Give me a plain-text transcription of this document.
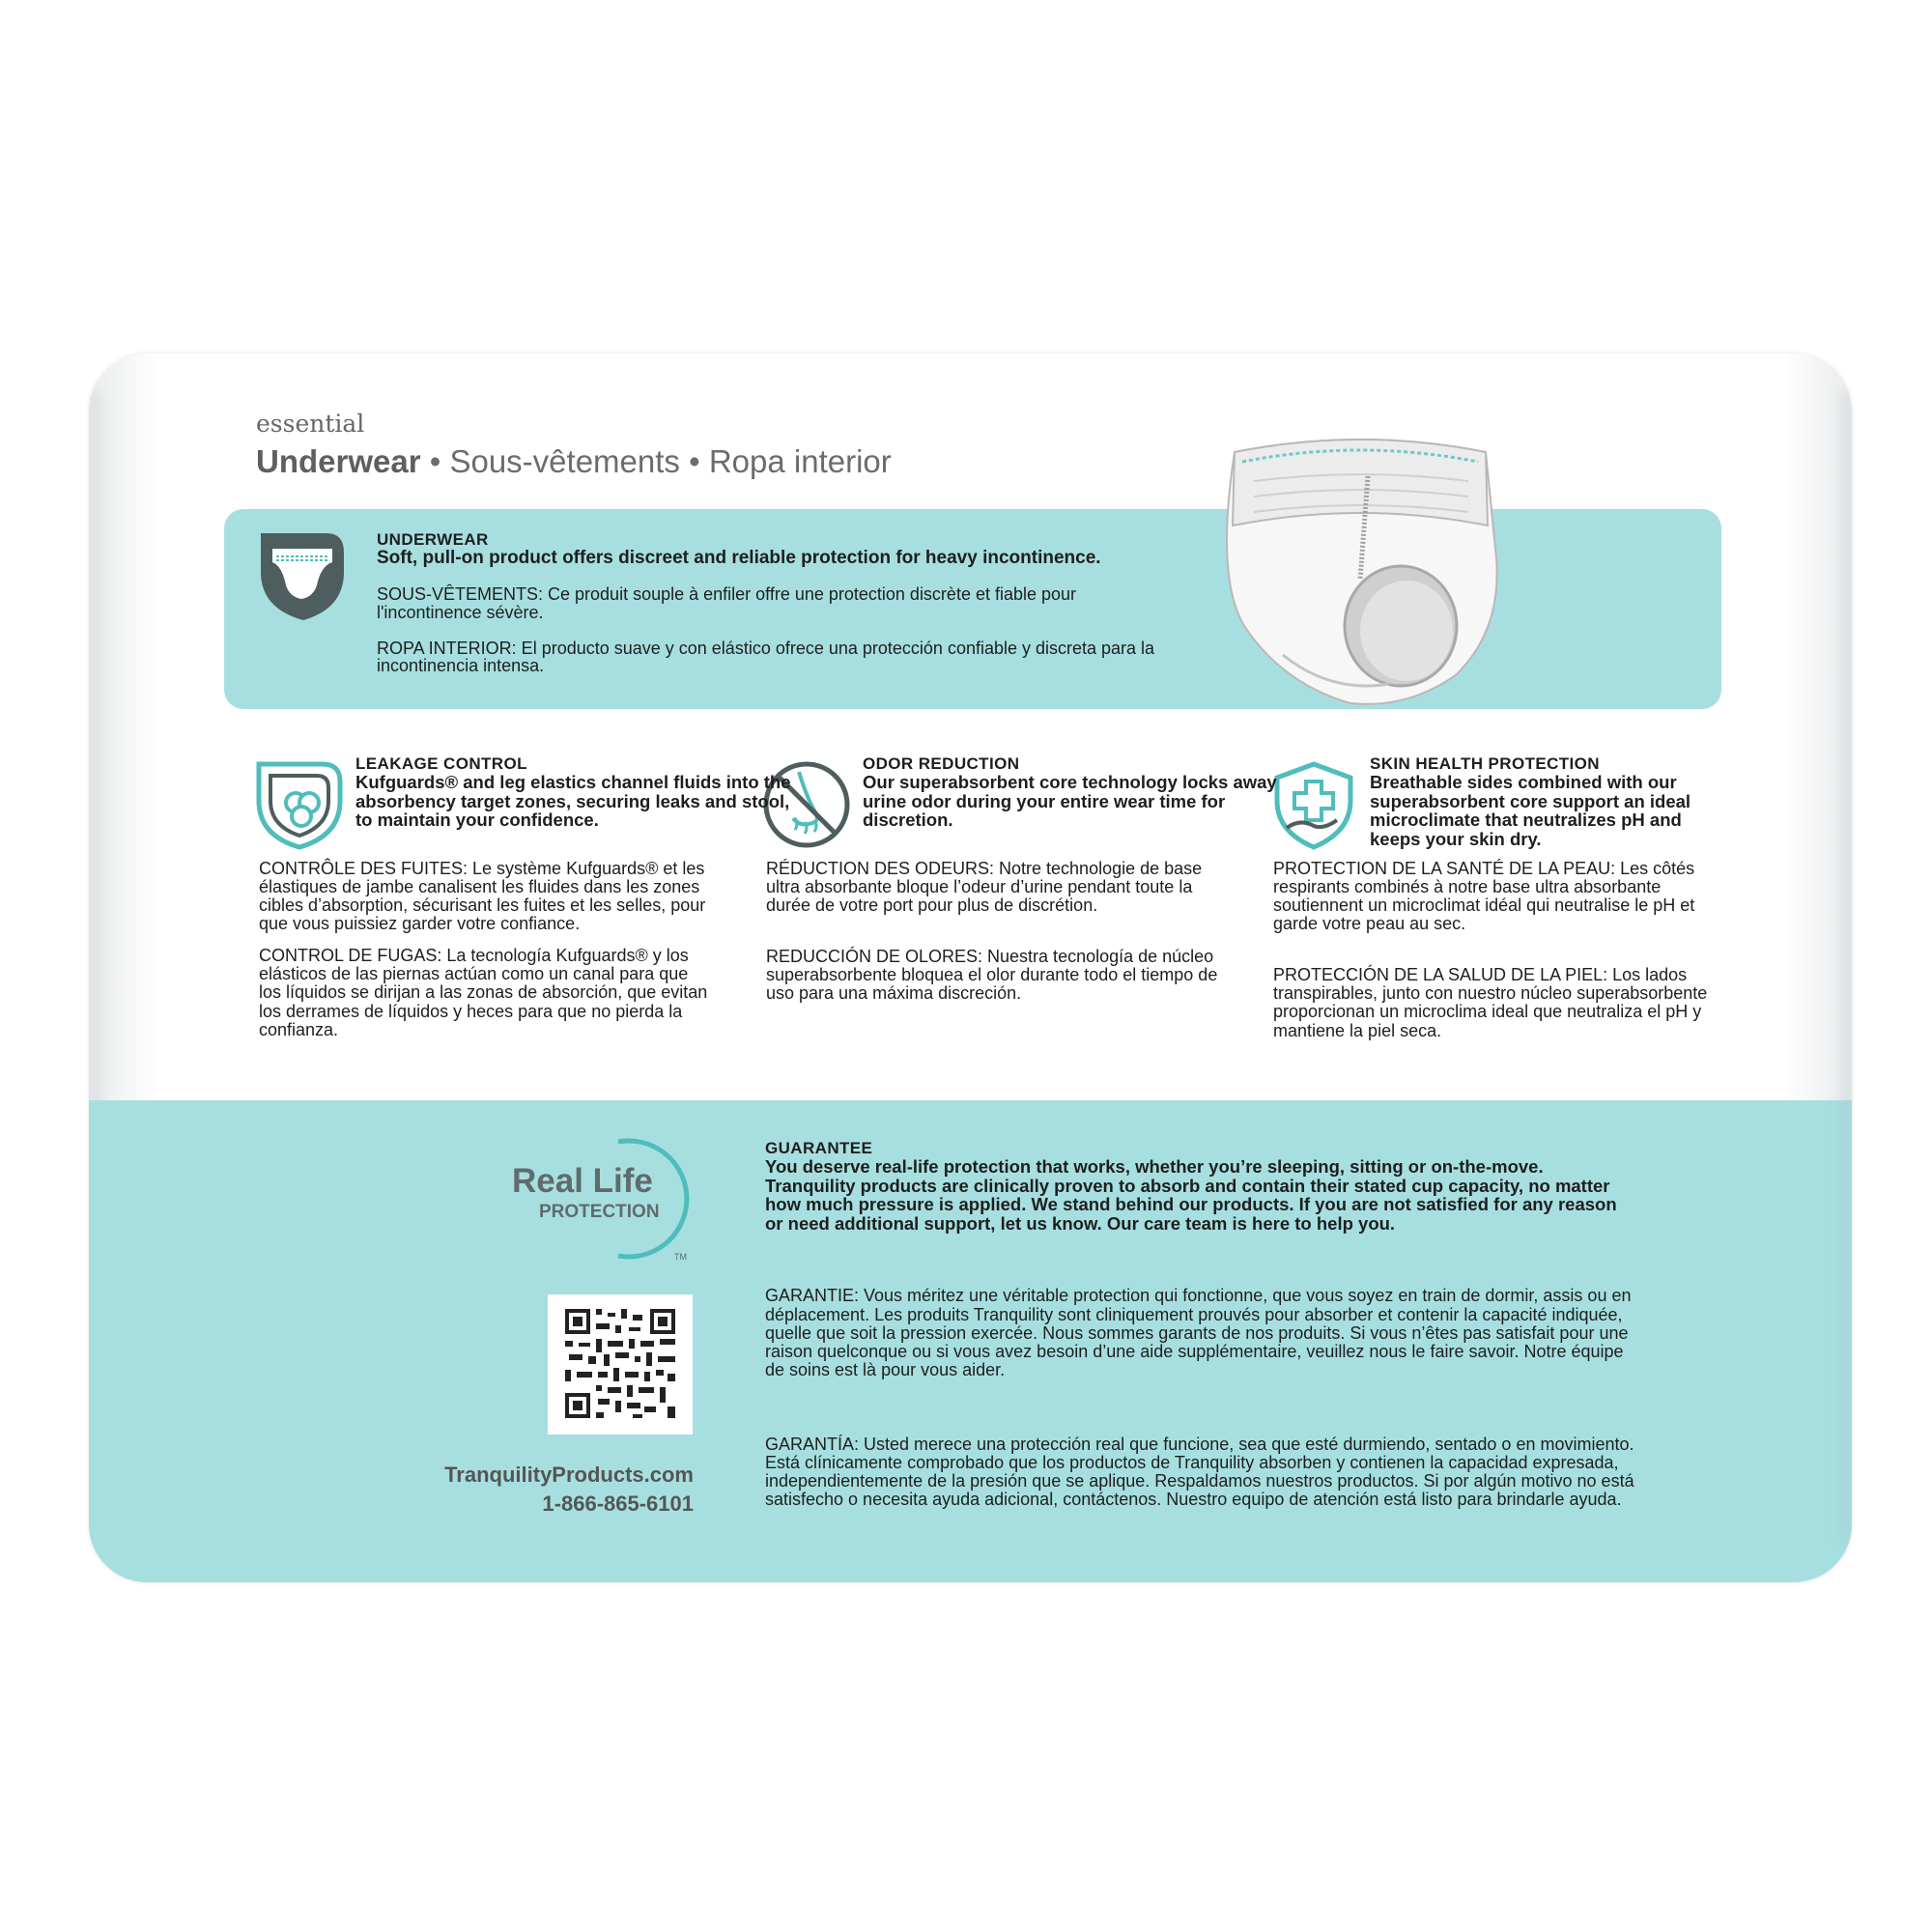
essential
Underwear • Sous-vêtements • Ropa interior

UNDERWEAR

Soft, pull-on product offers discreet and reliable protection for heavy incontinence.

SOUS-VÊTEMENTS: Ce produit souple à enfiler offre une protection discrète et fiable pour l'incontinence sévère.

ROPA INTERIOR: El producto suave y con elástico ofrece una protección confiable y discreta para la incontinencia intensa.

LEAKAGE CONTROL

Kufguards® and leg elastics channel fluids into the absorbency target zones, securing leaks and stool, to maintain your confidence.

CONTRÔLE DES FUITES: Le système Kufguards® et les élastiques de jambe canalisent les fluides dans les zones cibles d’absorption, sécurisant les fuites et les selles, pour que vous puissiez garder votre confiance.

CONTROL DE FUGAS: La tecnología Kufguards® y los elásticos de las piernas actúan como un canal para que los líquidos se dirijan a las zonas de absorción, que evitan los derrames de líquidos y heces para que no pierda la confianza.

ODOR REDUCTION

Our superabsorbent core technology locks away urine odor during your entire wear time for discretion.

RÉDUCTION DES ODEURS: Notre technologie de base ultra absorbante bloque l’odeur d’urine pendant toute la durée de votre port pour plus de discrétion.

REDUCCIÓN DE OLORES: Nuestra tecnología de núcleo superabsorbente bloquea el olor durante todo el tiempo de uso para una máxima discreción.

SKIN HEALTH PROTECTION

Breathable sides combined with our superabsorbent core support an ideal microclimate that neutralizes pH and keeps your skin dry.

PROTECTION DE LA SANTÉ DE LA PEAU: Les côtés respirants combinés à notre base ultra absorbante soutiennent un microclimat idéal qui neutralise le pH et garde votre peau au sec.

PROTECCIÓN DE LA SALUD DE LA PIEL: Los lados transpirables, junto con nuestro núcleo superabsorbente proporcionan un microclima ideal que neutraliza el pH y mantiene la piel seca.

Real Life
PROTECTION
TM
TranquilityProducts.com
1-866-865-6101

GUARANTEE

You deserve real-life protection that works, whether you’re sleeping, sitting or on-the-move. Tranquility products are clinically proven to absorb and contain their stated cup capacity, no matter how much pressure is applied. We stand behind our products. If you are not satisfied for any reason or need additional support, let us know. Our care team is here to help you.

GARANTIE: Vous méritez une véritable protection qui fonctionne, que vous soyez en train de dormir, assis ou en déplacement. Les produits Tranquility sont cliniquement prouvés pour absorber et contenir la capacité indiquée, quelle que soit la pression exercée. Nous sommes garants de nos produits. Si vous n’êtes pas satisfait pour une raison quelconque ou si vous avez besoin d’une aide supplémentaire, veuillez nous le faire savoir. Notre équipe de soins est là pour vous aider.

GARANTÍA: Usted merece una protección real que funcione, sea que esté durmiendo, sentado o en movimiento. Está clínicamente comprobado que los productos de Tranquility absorben y contienen la capacidad expresada, independientemente de la presión que se aplique. Respaldamos nuestros productos. Si por algún motivo no está satisfecho o necesita ayuda adicional, contáctenos. Nuestro equipo de atención está listo para brindarle ayuda.
